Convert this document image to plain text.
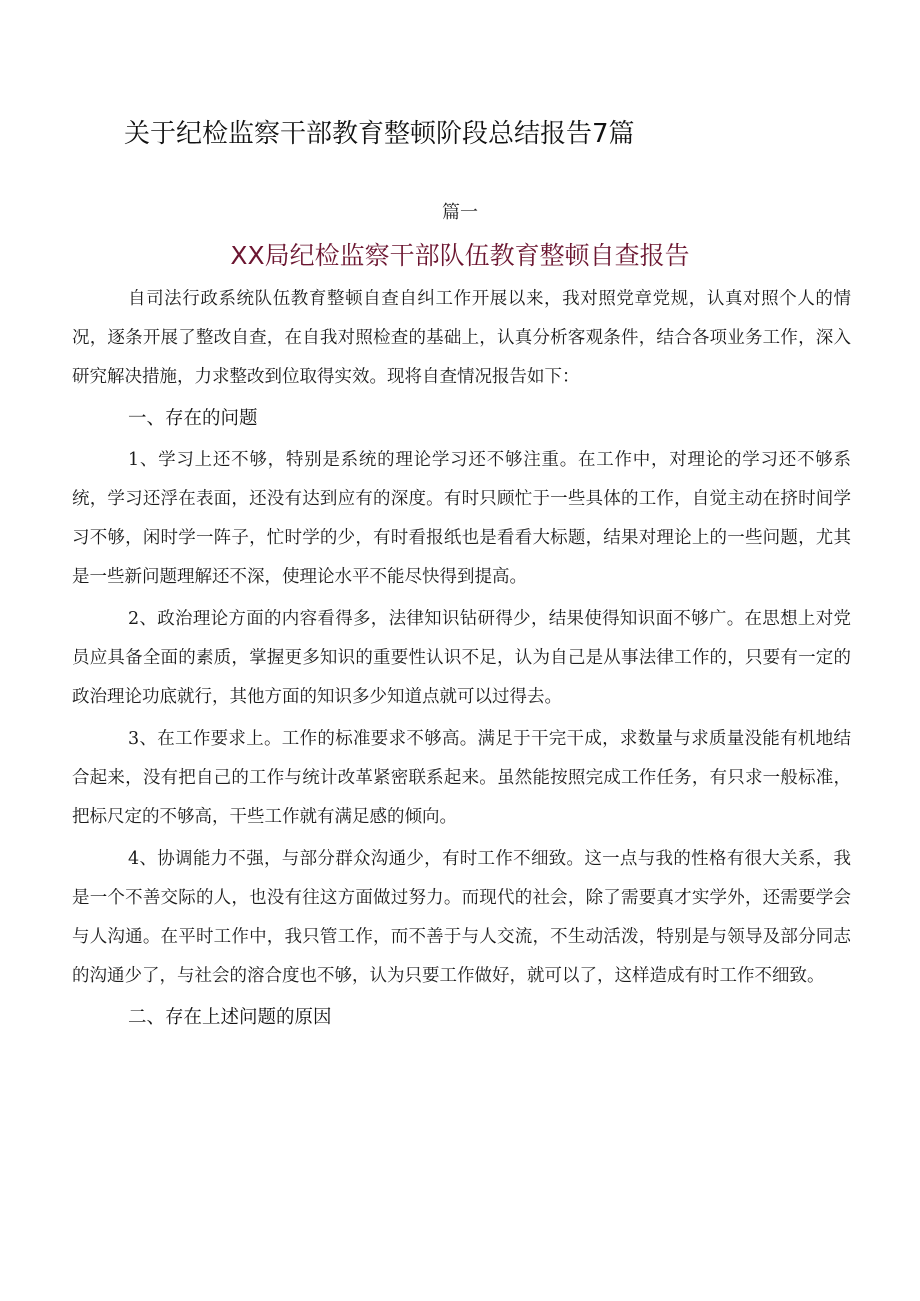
关于纪检监察干部教育整顿阶段总结报告7篇
篇一
XX局纪检监察干部队伍教育整顿自查报告

自司法行政系统队伍教育整顿自查自纠工作开展以来，我对照党章党规，认真对照个人的情况，逐条开展了整改自查，在自我对照检查的基础上，认真分析客观条件，结合各项业务工作，深入研究解决措施，力求整改到位取得实效。现将自查情况报告如下：

一、存在的问题

1、学习上还不够，特别是系统的理论学习还不够注重。在工作中，对理论的学习还不够系统，学习还浮在表面，还没有达到应有的深度。有时只顾忙于一些具体的工作，自觉主动在挤时间学习不够，闲时学一阵子，忙时学的少，有时看报纸也是看看大标题，结果对理论上的一些问题，尤其是一些新问题理解还不深，使理论水平不能尽快得到提高。

2、政治理论方面的内容看得多，法律知识钻研得少，结果使得知识面不够广。在思想上对党员应具备全面的素质，掌握更多知识的重要性认识不足，认为自己是从事法律工作的，只要有一定的政治理论功底就行，其他方面的知识多少知道点就可以过得去。

3、在工作要求上。工作的标准要求不够高。满足于干完干成，求数量与求质量没能有机地结合起来，没有把自己的工作与统计改革紧密联系起来。虽然能按照完成工作任务，有只求一般标准，把标尺定的不够高，干些工作就有满足感的倾向。

4、协调能力不强，与部分群众沟通少，有时工作不细致。这一点与我的性格有很大关系，我是一个不善交际的人，也没有往这方面做过努力。而现代的社会，除了需要真才实学外，还需要学会与人沟通。在平时工作中，我只管工作，而不善于与人交流，不生动活泼，特别是与领导及部分同志的沟通少了，与社会的溶合度也不够，认为只要工作做好，就可以了，这样造成有时工作不细致。

二、存在上述问题的原因
